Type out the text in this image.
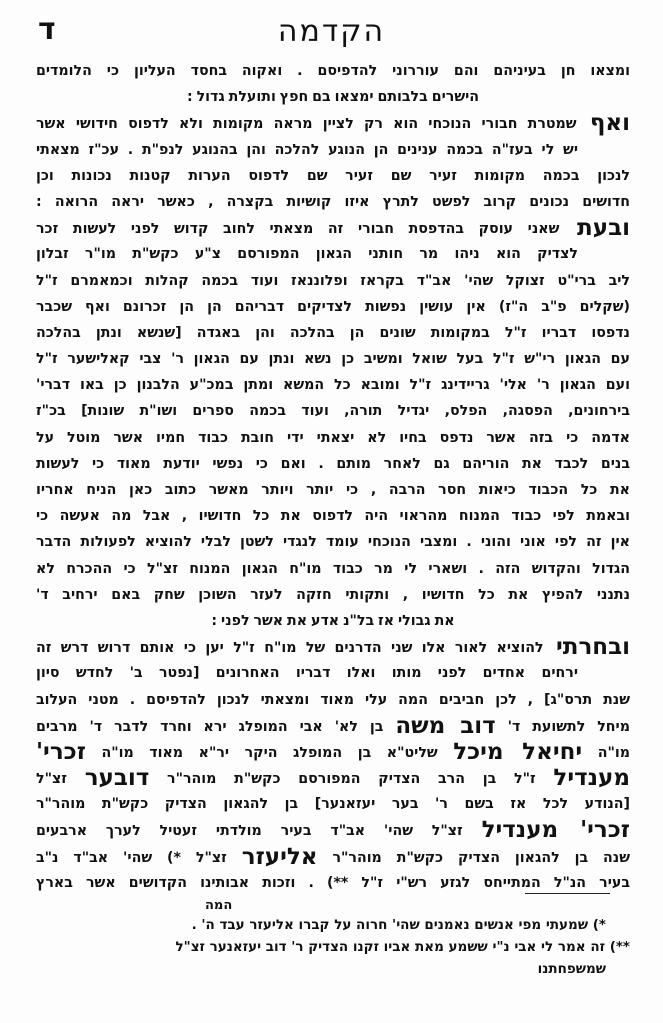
ד	הקדמה
ומצאו חן בעיניהם והם עוררוני להדפיסם . ואקוה בחסד העליון כי הלומדים
הישרים בלבותם ימצאו בם חפץ ותועלת גדול :
ואף שמטרת חבורי הנוכחי הוא רק לציין מראה מקומות ולא לדפוס חידושי אשר
יש לי בעז"ה בכמה ענינים הן הנוגע להלכה והן בהנוגע לנפ"ת . עכ"ז מצאתי
לנכון בכמה מקומות זעיר שם זעיר שם לדפוס הערות קטנות נכונות וכן
חדושים נכונים קרוב לפשט לתרץ איזו קושיות בקצרה , כאשר יראה הרואה :
ובעת שאני עוסק בהדפסת חבורי זה מצאתי לחוב קדוש לפני לעשות זכר
לצדיק הוא ניהו מר חותני הגאון המפורסם צ"ע כקש"ת מו"ר זבלון
ליב ברי"ט זצוקל שהי' אב"ד בקראז ופלוננאז ועוד בכמה קהלות וכמאמרם ז"ל
(שקלים פ"ב ה"ז) אין עושין נפשות לצדיקים דבריהם הן הן זכרונם ואף שכבר
נדפסו דבריו ז"ל במקומות שונים הן בהלכה והן באגדה [שנשא ונתן בהלכה
עם הגאון רי"ש ז"ל בעל שואל ומשיב כן נשא ונתן עם הגאון ר' צבי קאלישער ז"ל
ועם הגאון ר' אלי' גריידינג ז"ל ומובא כל המשא ומתן במכ"ע הלבנון כן באו דברי'
בירחונים, הפסגה, הפלס, יגדיל תורה, ועוד בכמה ספרים ושו"ת שונות] בכ"ז
אדמה כי בזה אשר נדפס בחיו לא יצאתי ידי חובת כבוד חמיו אשר מוטל על
בנים לכבד את הוריהם גם לאחר מותם . ואם כי נפשי יודעת מאוד כי לעשות
את כל הכבוד כיאות חסר הרבה , כי יותר ויותר מאשר כתוב כאן הניח אחריו
ובאמת לפי כבוד המנוח מהראוי היה לדפוס את כל חדושיו , אבל מה אעשה כי
אין זה לפי אוני והוני . ומצבי הנוכחי עומד לנגדי לשטן לבלי להוציא לפעולות הדבר
הגדול והקדוש הזה . ושארי לי מר כבוד מו"ח הגאון המנוח זצ"ל כי ההכרח לא
נתנני להפיץ את כל חדושיו , ותקותי חזקה לעזר השוכן שחק באם ירחיב ד'
את גבולי אז בל"נ אדע את אשר לפני :
ובחרתי להוציא לאור אלו שני הדרנים של מו"ח ז"ל יען כי אותם דרוש דרש זה
ירחים אחדים לפני מותו ואלו דבריו האחרונים [נפטר ב' לחדש סיון
שנת תרס"ג] , לכן חביבים המה עלי מאוד ומצאתי לנכון להדפיסם . מטני העלוב
מיחל לתשועת ד' דוב משה בן לא' אבי המופלג ירא וחרד לדבר ד' מרבים
מו"ה יחיאל מיכל שליט"א בן המופלג היקר יר"א מאוד מו"ה זכרי'
מענדיל ז"ל בן הרב הצדיק המפורסם כקש"ת מוהר"ר דובער זצ"ל
[הנודע לכל אז בשם ר' בער יעזאנער] בן להגאון הצדיק כקש"ת מוהר"ר
זכרי' מענדיל זצ"ל שהי' אב"ד בעיר מולדתי זעטיל לערך ארבעים
שנה בן להגאון הצדיק כקש"ת מוהר"ר אליעזר זצ"ל *) שהי' אב"ד נ"ב
בעיר הנ"ל המתייחס לגזע רש"י ז"ל **) . וזכות אבותינו הקדושים אשר בארץ
המה
*) שמעתי מפי אנשים נאמנים שהי' חרוה על קברו אליעזר עבד ה' .
**) זה אמר לי אבי נ"י ששמע מאת אביו זקנו הצדיק ר' דוב יעזאנער זצ"ל
שמשפחתנו
